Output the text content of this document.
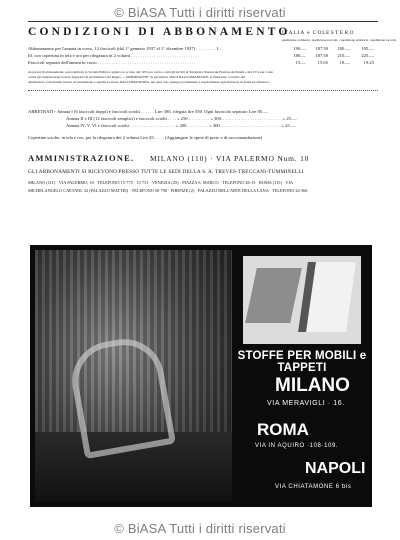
© BiASA Tutti i diritti riservati
CONDIZIONI DI ABBONAMENTO
ITALIA e COL.
ESTERO
spedizione ordinaria | spedizione raccom. | spedizione ordinaria | spedizione raccom.
Abbonamento per l'annata in corso, 12 fascicoli (dal 1° gennaio 1937 al 1° dicembre 1937) . . . . . . . . . L.	190.—	187.50	180.—	195.—
Id. con copertina in tela e oro per rilegatura in 2 volumi . . . . . . . . . . . . . . . . . . . . . . . . . . . . . .	180.—	187.50	210.—	225.—
Fascicoli separati dell'annata in corso . . . . . . . . . . . . . . . . . . . . . . . . . . . . . . . . . . . . . . . . . . .	15.—	15.65	18.—	19.25
Ai prezzi di abbonamento sopra indicati la Società Editrice applica lo sconto del 10% per conto a tutti gli iscritti al Sindacato Nazionale Fascista Architetti e del 15% per conto
a tutti gli studenti delle Scuole Superiori di Architettura del Regno — IMPORTANTE: Si garantisce SOLO RACCOMANDATE, si intendono a rischio del
destinatario. Gravissimo invece di restituzione a spedire la stessa RACCOMANDATA, nel qual caso giunge prontamente e regolarmente agli abbonati, in Italia ed all'estero.
ARRETRATI - Annata I (6 fascicoli doppi) e fascicoli sciolti . . . . . . Lire 300, rilegata lire 350. Ogni fascicolo separato Lire 85.—
Annata II e III (12 fascicoli semplici) e fascicoli sciolti . . . . » 250. . . . . . . . . . » 300. . . . . . . . . . . . . . . . . . . . . . . . . . . » 25.—
Annata IV, V, VI e fascicoli sciolti . . . . . . . . . . . . . . . . . . . . » 200. . . . . . . . . . » 300. . . . . . . . . . . . . . . . . . . . . . . . . . . » 25.—
Copertine sciolte, in tela e oro, per la rilegatura dei 2 volumi Lire 45. . . . . (Aggiungere le spese di porto e di raccomandazione)
AMMINISTRAZIONE. MILANO (110) · VIA PALERMO Num. 10
GLI ABBONAMENTI SI RICEVONO PRESSO TUTTE LE SEDI DELLA S. A. TREVES-TRECCANI-TUMMINELLI
MILANO (111) · VIA PALERMO, 10 · TELEFONO 15·775 · 15·751 · VENEZIA (25) · PIAZZA S. MARCO · TELEFONO 26-15 · ROMA (115) · VIA
MICHELANGELO CAETANI, 32 (PALAZZO MATTEI) · TELEFONO 50·796 · FIRENZE (2) · PALAZZO DELL'ARTE DELLA LANA · TELEFONO 24·566
STOFFE PER MOBILI e TAPPETI
MILANO
VIA MERAVIGLI · 16.
ROMA
VIA IN AQUIRO ·108·109.
NAPOLI
VIA CHIATAMONE 6 bis
© BiASA Tutti i diritti riservati
